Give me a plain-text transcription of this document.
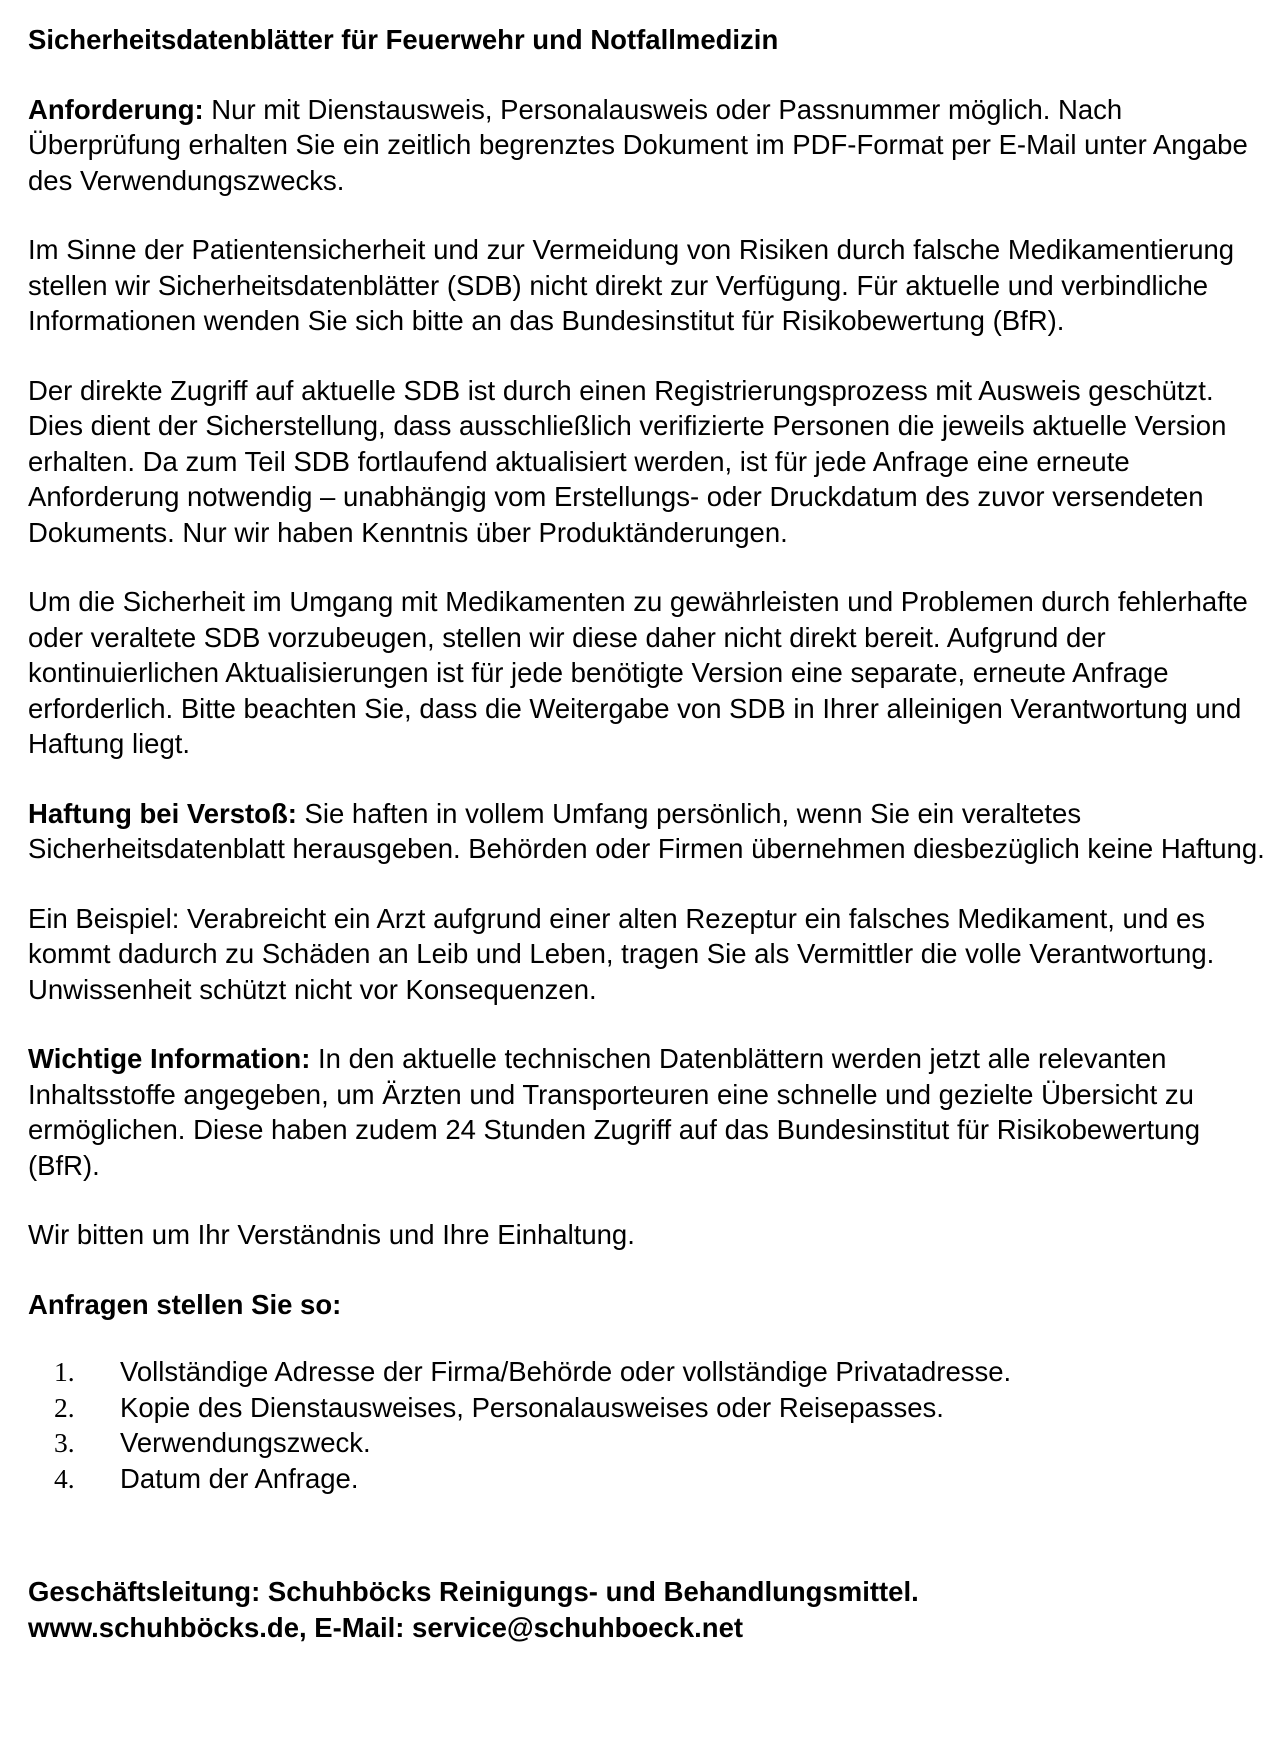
Sicherheitsdatenblätter für Feuerwehr und Notfallmedizin

Anforderung: Nur mit Dienstausweis, Personalausweis oder Passnummer möglich. Nach Überprüfung erhalten Sie ein zeitlich begrenztes Dokument im PDF-Format per E-Mail unter Angabe des Verwendungszwecks.

Im Sinne der Patientensicherheit und zur Vermeidung von Risiken durch falsche Medikamentierung stellen wir Sicherheitsdatenblätter (SDB) nicht direkt zur Verfügung. Für aktuelle und verbindliche Informationen wenden Sie sich bitte an das Bundesinstitut für Risikobewertung (BfR).

Der direkte Zugriff auf aktuelle SDB ist durch einen Registrierungsprozess mit Ausweis geschützt. Dies dient der Sicherstellung, dass ausschließlich verifizierte Personen die jeweils aktuelle Version erhalten. Da zum Teil SDB fortlaufend aktualisiert werden, ist für jede Anfrage eine erneute Anforderung notwendig – unabhängig vom Erstellungs- oder Druckdatum des zuvor versendeten Dokuments. Nur wir haben Kenntnis über Produktänderungen.

Um die Sicherheit im Umgang mit Medikamenten zu gewährleisten und Problemen durch fehlerhafte oder veraltete SDB vorzubeugen, stellen wir diese daher nicht direkt bereit. Aufgrund der kontinuierlichen Aktualisierungen ist für jede benötigte Version eine separate, erneute Anfrage erforderlich. Bitte beachten Sie, dass die Weitergabe von SDB in Ihrer alleinigen Verantwortung und Haftung liegt.

Haftung bei Verstoß: Sie haften in vollem Umfang persönlich, wenn Sie ein veraltetes Sicherheitsdatenblatt herausgeben. Behörden oder Firmen übernehmen diesbezüglich keine Haftung.

Ein Beispiel: Verabreicht ein Arzt aufgrund einer alten Rezeptur ein falsches Medikament, und es kommt dadurch zu Schäden an Leib und Leben, tragen Sie als Vermittler die volle Verantwortung. Unwissenheit schützt nicht vor Konsequenzen.

Wichtige Information: In den aktuelle technischen Datenblättern werden jetzt alle relevanten Inhaltsstoffe angegeben, um Ärzten und Transporteuren eine schnelle und gezielte Übersicht zu ermöglichen. Diese haben zudem 24 Stunden Zugriff auf das Bundesinstitut für Risikobewertung (BfR).

Wir bitten um Ihr Verständnis und Ihre Einhaltung.

Anfragen stellen Sie so:
1. Vollständige Adresse der Firma/Behörde oder vollständige Privatadresse.
2. Kopie des Dienstausweises, Personalausweises oder Reisepasses.
3. Verwendungszweck.
4. Datum der Anfrage.
Geschäftsleitung: Schuhböcks Reinigungs- und Behandlungsmittel.
www.schuhböcks.de, E-Mail: service@schuhboeck.net
